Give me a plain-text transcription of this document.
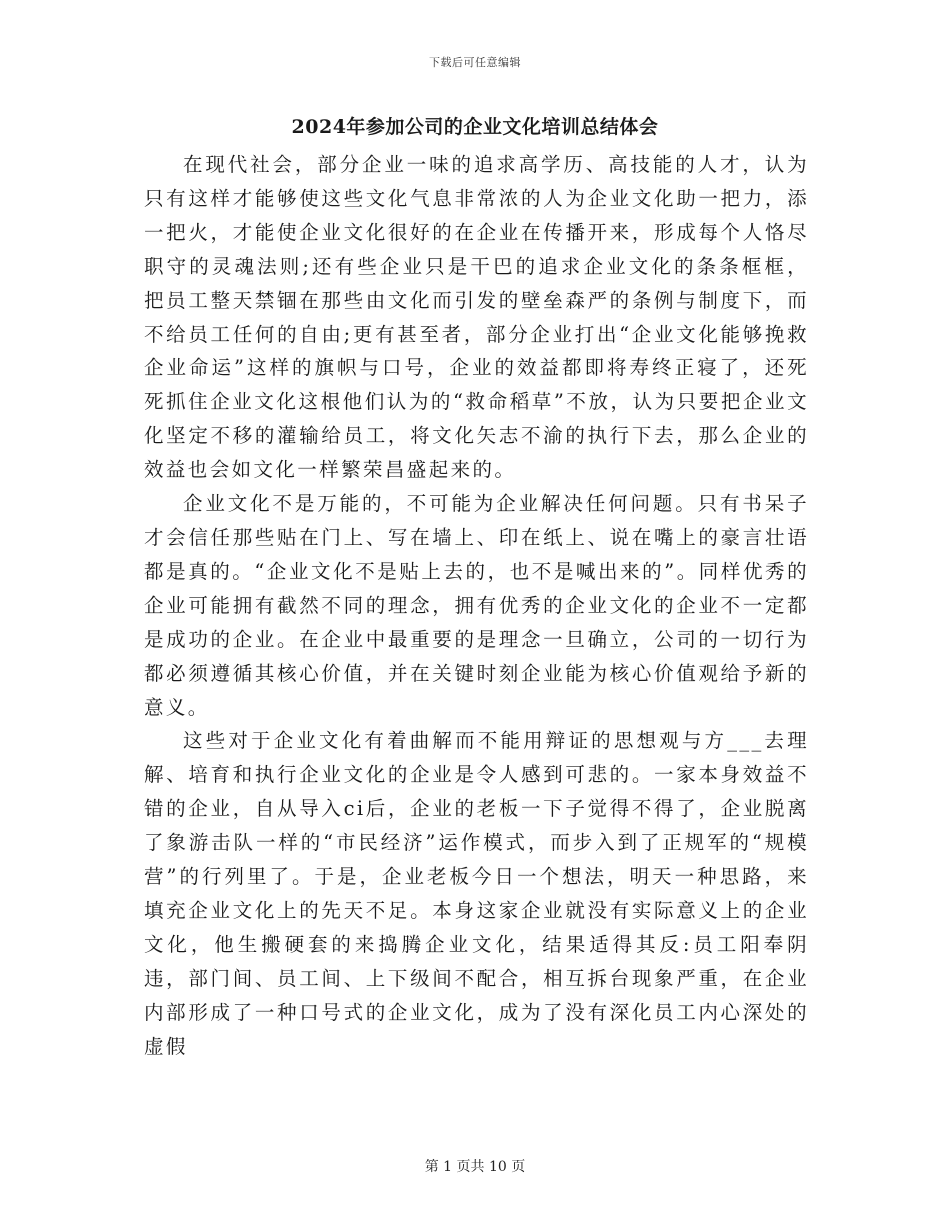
下载后可任意编辑
2024年参加公司的企业文化培训总结体会

在现代社会，部分企业一味的追求高学历、高技能的人才，认为只有这样才能够使这些文化气息非常浓的人为企业文化助一把力，添一把火，才能使企业文化很好的在企业在传播开来，形成每个人恪尽职守的灵魂法则;还有些企业只是干巴的追求企业文化的条条框框，把员工整天禁锢在那些由文化而引发的壁垒森严的条例与制度下，而不给员工任何的自由;更有甚至者，部分企业打出“企业文化能够挽救企业命运”这样的旗帜与口号，企业的效益都即将寿终正寝了，还死死抓住企业文化这根他们认为的“救命稻草”不放，认为只要把企业文化坚定不移的灌输给员工，将文化矢志不渝的执行下去，那么企业的效益也会如文化一样繁荣昌盛起来的。

企业文化不是万能的，不可能为企业解决任何问题。只有书呆子才会信任那些贴在门上、写在墙上、印在纸上、说在嘴上的豪言壮语都是真的。“企业文化不是贴上去的，也不是喊出来的”。同样优秀的企业可能拥有截然不同的理念，拥有优秀的企业文化的企业不一定都是成功的企业。在企业中最重要的是理念一旦确立，公司的一切行为都必须遵循其核心价值，并在关键时刻企业能为核心价值观给予新的意义。

这些对于企业文化有着曲解而不能用辩证的思想观与方___去理解、培育和执行企业文化的企业是令人感到可悲的。一家本身效益不错的企业，自从导入ci后，企业的老板一下子觉得不得了，企业脱离了象游击队一样的“市民经济”运作模式，而步入到了正规军的“规模营”的行列里了。于是，企业老板今日一个想法，明天一种思路，来填充企业文化上的先天不足。本身这家企业就没有实际意义上的企业文化，他生搬硬套的来捣腾企业文化，结果适得其反:员工阳奉阴违，部门间、员工间、上下级间不配合，相互拆台现象严重，在企业内部形成了一种口号式的企业文化，成为了没有深化员工内心深处的虚假

第 1 页共 10 页
